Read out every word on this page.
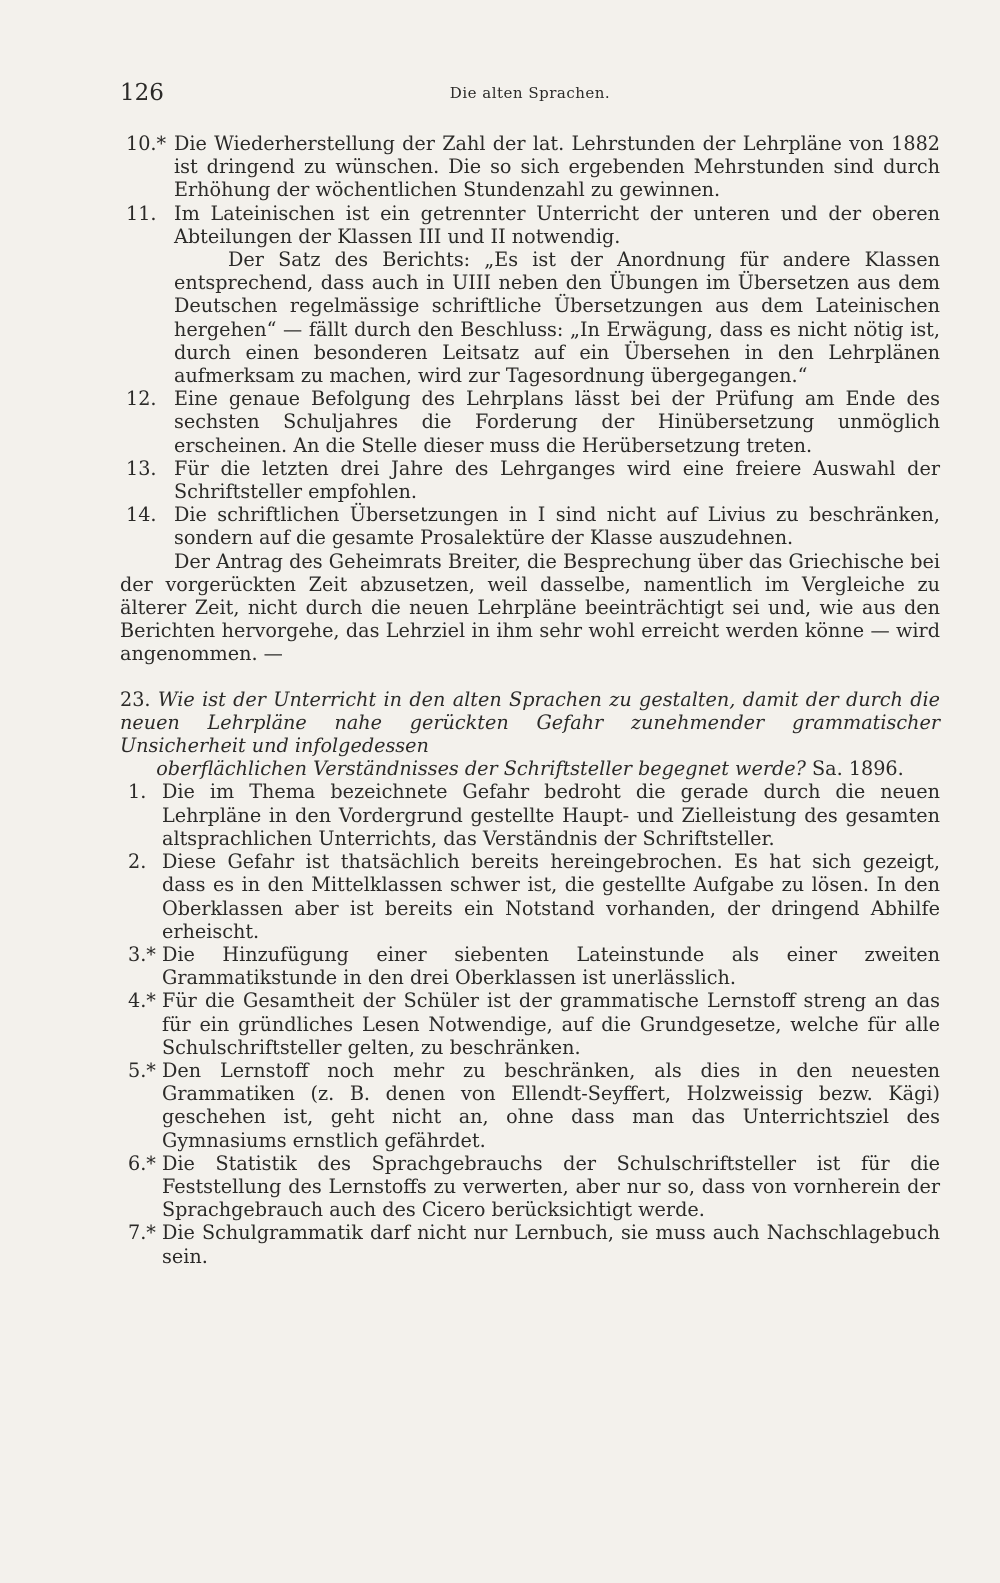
126	Die alten Sprachen.
10.* Die Wiederherstellung der Zahl der lat. Lehrstunden der Lehrpläne von 1882 ist dringend zu wünschen. Die so sich ergebenden Mehrstunden sind durch Erhöhung der wöchentlichen Stundenzahl zu gewinnen.

11. Im Lateinischen ist ein getrennter Unterricht der unteren und der oberen Abteilungen der Klassen III und II notwendig.

Der Satz des Berichts: „Es ist der Anordnung für andere Klassen entsprechend, dass auch in UIII neben den Übungen im Übersetzen aus dem Deutschen regelmässige schriftliche Übersetzungen aus dem Lateinischen hergehen“ — fällt durch den Beschluss: „In Erwägung, dass es nicht nötig ist, durch einen besonderen Leitsatz auf ein Übersehen in den Lehrplänen aufmerksam zu machen, wird zur Tagesordnung übergegangen.“

12. Eine genaue Befolgung des Lehrplans lässt bei der Prüfung am Ende des sechsten Schuljahres die Forderung der Hinübersetzung unmöglich erscheinen. An die Stelle dieser muss die Herübersetzung treten.

13. Für die letzten drei Jahre des Lehrganges wird eine freiere Auswahl der Schriftsteller empfohlen.

14. Die schriftlichen Übersetzungen in I sind nicht auf Livius zu beschränken, sondern auf die gesamte Prosalektüre der Klasse auszudehnen.

Der Antrag des Geheimrats Breiter, die Besprechung über das Griechische bei der vorgerückten Zeit abzusetzen, weil dasselbe, namentlich im Vergleiche zu älterer Zeit, nicht durch die neuen Lehrpläne beeinträchtigt sei und, wie aus den Berichten hervorgehe, das Lehrziel in ihm sehr wohl erreicht werden könne — wird angenommen. —

23. Wie ist der Unterricht in den alten Sprachen zu gestalten, damit der durch die neuen Lehrpläne nahe gerückten Gefahr zunehmender grammatischer Unsicherheit und infolgedessen
oberflächlichen Verständnisses der Schriftsteller begegnet werde? Sa. 1896.
1. Die im Thema bezeichnete Gefahr bedroht die gerade durch die neuen Lehrpläne in den Vordergrund gestellte Haupt- und Zielleistung des gesamten altsprachlichen Unterrichts, das Verständnis der Schriftsteller.

2. Diese Gefahr ist thatsächlich bereits hereingebrochen. Es hat sich gezeigt, dass es in den Mittelklassen schwer ist, die gestellte Aufgabe zu lösen. In den Oberklassen aber ist bereits ein Notstand vorhanden, der dringend Abhilfe erheischt.

3.* Die Hinzufügung einer siebenten Lateinstunde als einer zweiten Grammatikstunde in den drei Oberklassen ist unerlässlich.

4.* Für die Gesamtheit der Schüler ist der grammatische Lernstoff streng an das für ein gründliches Lesen Notwendige, auf die Grundgesetze, welche für alle Schulschriftsteller gelten, zu beschränken.

5.* Den Lernstoff noch mehr zu beschränken, als dies in den neuesten Grammatiken (z. B. denen von Ellendt-Seyffert, Holzweissig bezw. Kägi) geschehen ist, geht nicht an, ohne dass man das Unterrichtsziel des Gymnasiums ernstlich gefährdet.

6.* Die Statistik des Sprachgebrauchs der Schulschriftsteller ist für die Feststellung des Lernstoffs zu verwerten, aber nur so, dass von vornherein der Sprachgebrauch auch des Cicero berücksichtigt werde.

7.* Die Schulgrammatik darf nicht nur Lernbuch, sie muss auch Nachschlagebuch sein.
